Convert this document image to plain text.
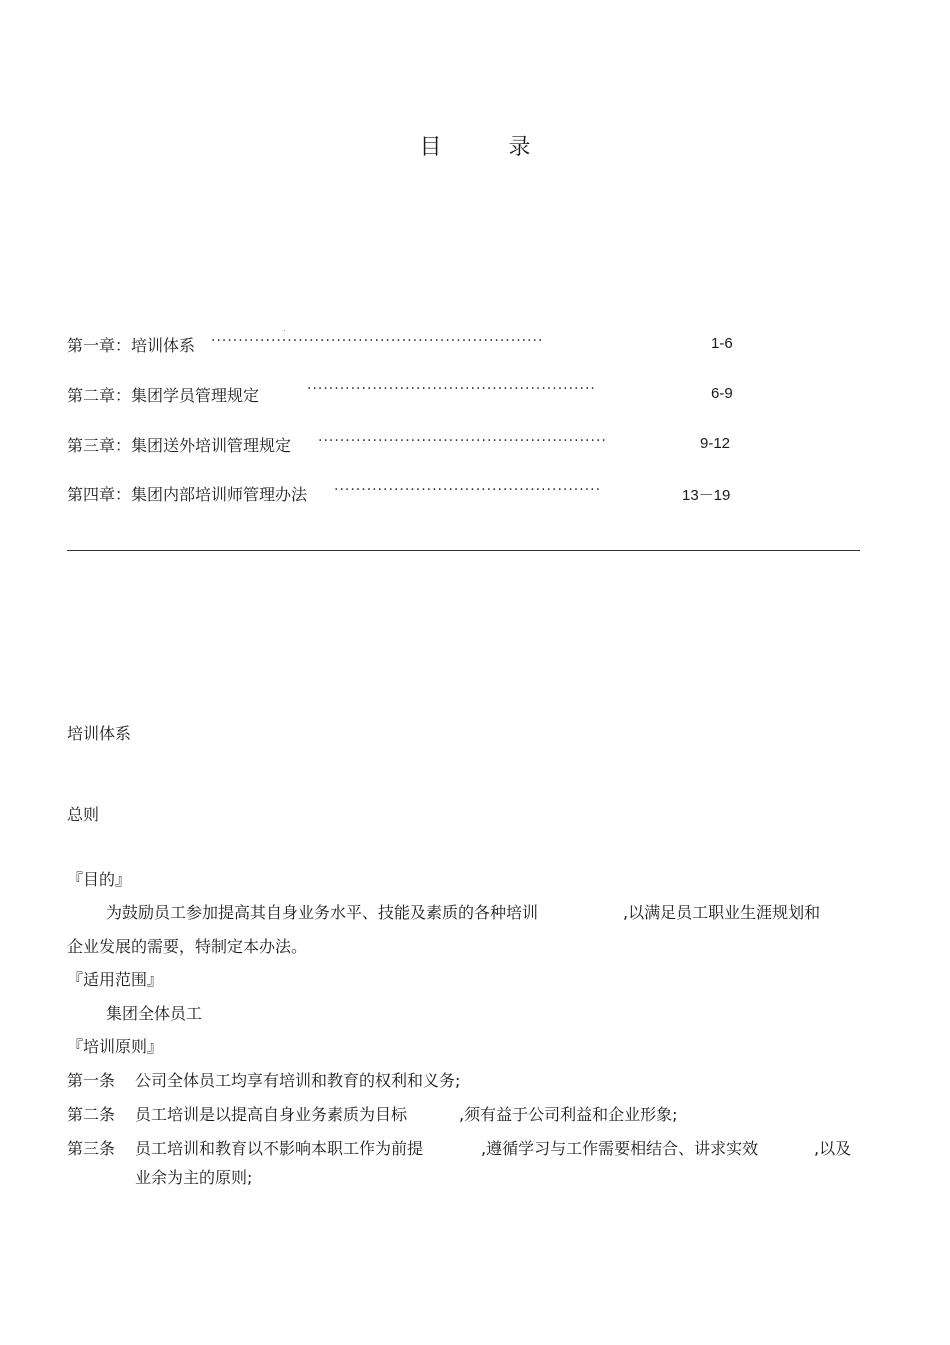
目 录
第一章：培训体系 ·····························································	1-6
第二章：集团学员管理规定	·····················································	6-9
第三章：集团送外培训管理规定 ·····················································	9-12
第四章：集团内部培训师管理办法 ·················································	13－19
培训体系
总则
『目的』
为鼓励员工参加提高其自身业务水平、技能及素质的各种培训	,以满足员工职业生涯规划和
企业发展的需要，特制定本办法。
『适用范围』
集团全体员工
『培训原则』
第一条 公司全体员工均享有培训和教育的权利和义务;
第二条 员工培训是以提高自身业务素质为目标	,须有益于公司利益和企业形象;
第三条 员工培训和教育以不影响本职工作为前提	,遵循学习与工作需要相结合、讲求实效	,以及
业余为主的原则;
